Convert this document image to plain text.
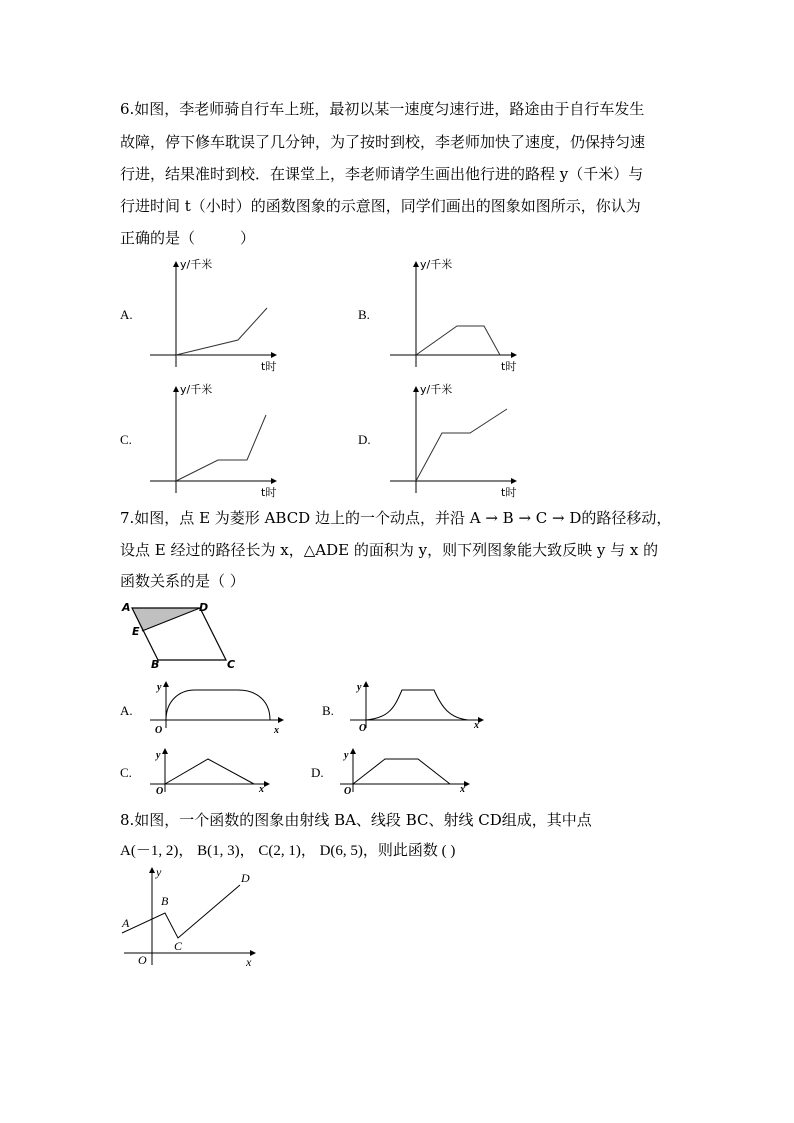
6.如图，李老师骑自行车上班，最初以某一速度匀速行进，路途由于自行车发生
故障，停下修车耽误了几分钟，为了按时到校，李老师加快了速度，仍保持匀速
行进，结果准时到校．在课堂上，李老师请学生画出他行进的路程 y（千米）与
行进时间 t（小时）的函数图象的示意图，同学们画出的图象如图所示，你认为
正确的是（　　　）
A.	B.
C.	D.
y/千米
t时
y/千米
t时
y/千米
t时
y/千米
t时
7.如图，点 E 为菱形 ABCD 边上的一个动点，并沿 A → B → C → D的路径移动，
设点 E 经过的路径长为 x，△ADE 的面积为 y，则下列图象能大致反映 y 与 x 的
函数关系的是（ ）
A	D
E
B	C
A.	B.
C.	D.
y
O	x
y
O	x
y
O	x
y
O	x
8.如图，一个函数的图象由射线 BA、线段 BC、射线 CD组成，其中点
A(－1, 2)， B(1, 3)， C(2, 1)， D(6, 5)，则此函数 ( )
y
x
O
A
B
C
D
